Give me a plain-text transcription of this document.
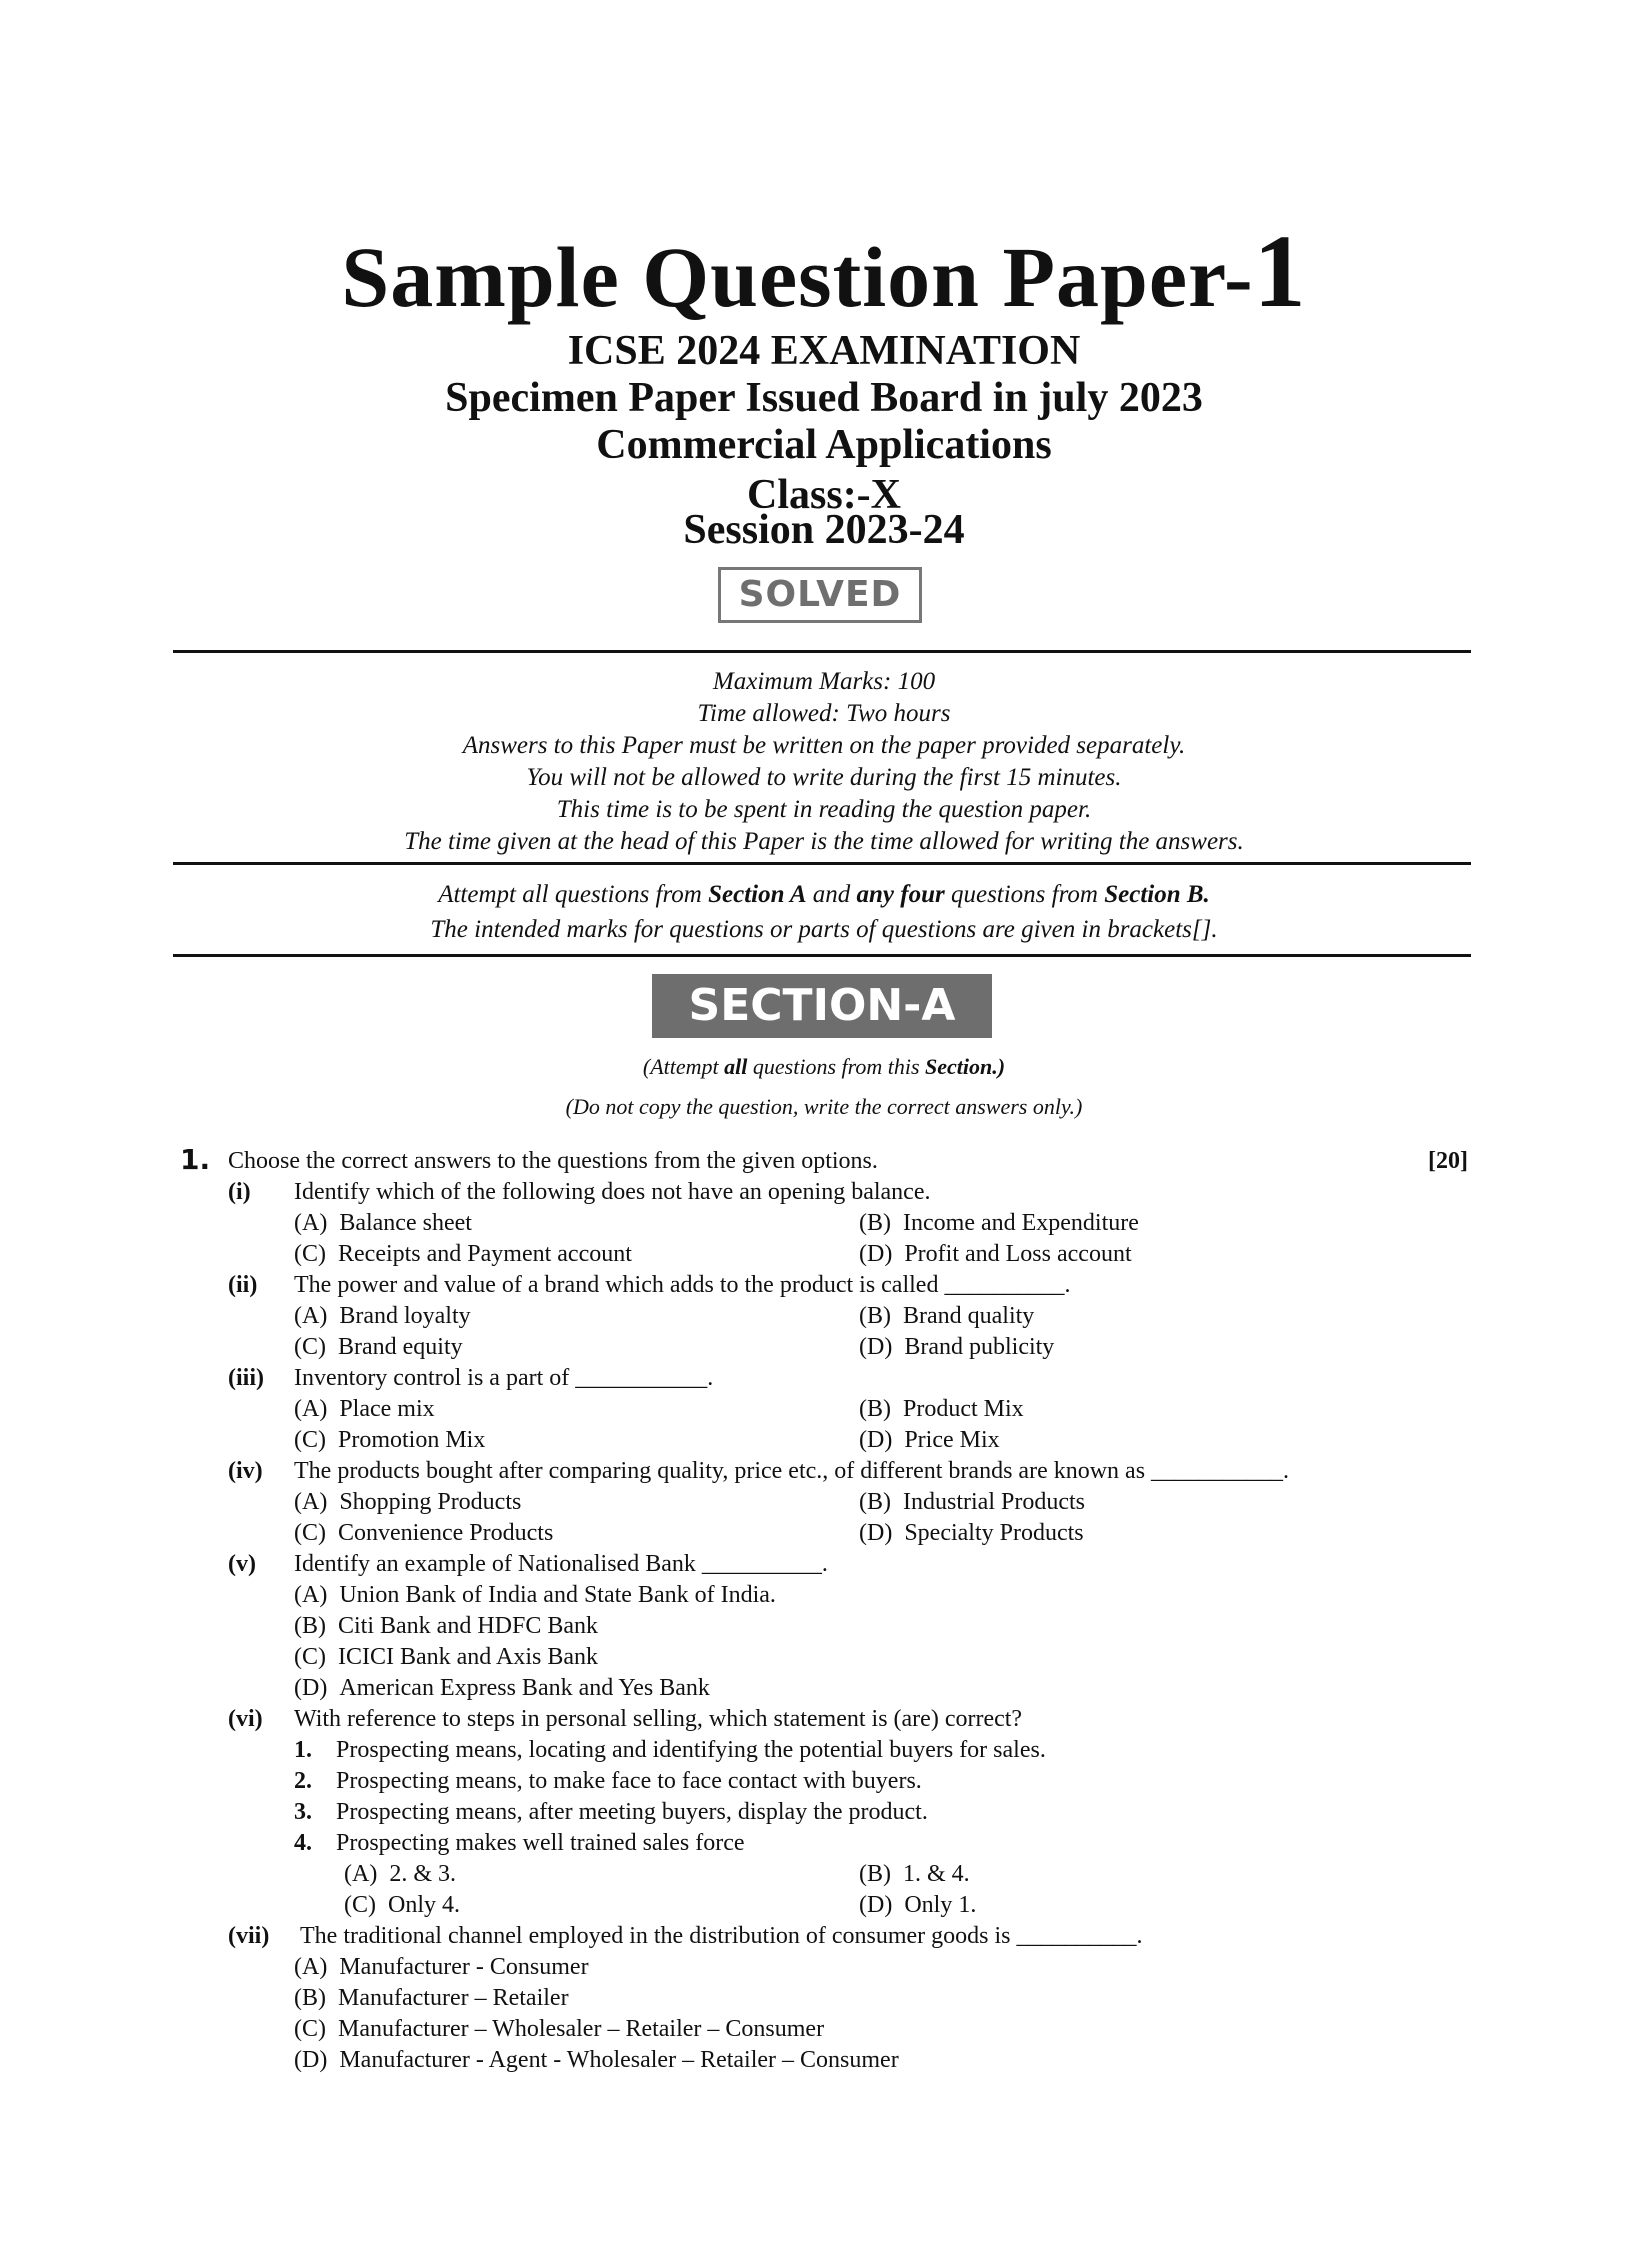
Sample Question Paper-1
ICSE 2024 EXAMINATION
Specimen Paper Issued Board in july 2023
Commercial Applications
Class:-X
Session 2023-24
SOLVED
Maximum Marks: 100
Time allowed: Two hours
Answers to this Paper must be written on the paper provided separately.
You will not be allowed to write during the first 15 minutes.
This time is to be spent in reading the question paper.
The time given at the head of this Paper is the time allowed for writing the answers.
Attempt all questions from Section A and any four questions from Section B.
The intended marks for questions or parts of questions are given in brackets[].
SECTION-A
(Attempt all questions from this Section.)
(Do not copy the question, write the correct answers only.)
1. Choose the correct answers to the questions from the given options.	[20]
(i) Identify which of the following does not have an opening balance.
(A) Balance sheet	(B) Income and Expenditure
(C) Receipts and Payment account	(D) Profit and Loss account
(ii) The power and value of a brand which adds to the product is called __________.
(A) Brand loyalty	(B) Brand quality
(C) Brand equity	(D) Brand publicity
(iii) Inventory control is a part of ___________.
(A) Place mix	(B) Product Mix
(C) Promotion Mix	(D) Price Mix
(iv) The products bought after comparing quality, price etc., of different brands are known as ___________.
(A) Shopping Products	(B) Industrial Products
(C) Convenience Products	(D) Specialty Products
(v) Identify an example of Nationalised Bank __________.
(A) Union Bank of India and State Bank of India.
(B) Citi Bank and HDFC Bank
(C) ICICI Bank and Axis Bank
(D) American Express Bank and Yes Bank
(vi) With reference to steps in personal selling, which statement is (are) correct?
1. Prospecting means, locating and identifying the potential buyers for sales.
2. Prospecting means, to make face to face contact with buyers.
3. Prospecting means, after meeting buyers, display the product.
4. Prospecting makes well trained sales force
(A) 2. & 3.	(B) 1. & 4.
(C) Only 4.	(D) Only 1.
(vii) The traditional channel employed in the distribution of consumer goods is __________.
(A) Manufacturer - Consumer
(B) Manufacturer – Retailer
(C) Manufacturer – Wholesaler – Retailer – Consumer
(D) Manufacturer - Agent - Wholesaler – Retailer – Consumer
